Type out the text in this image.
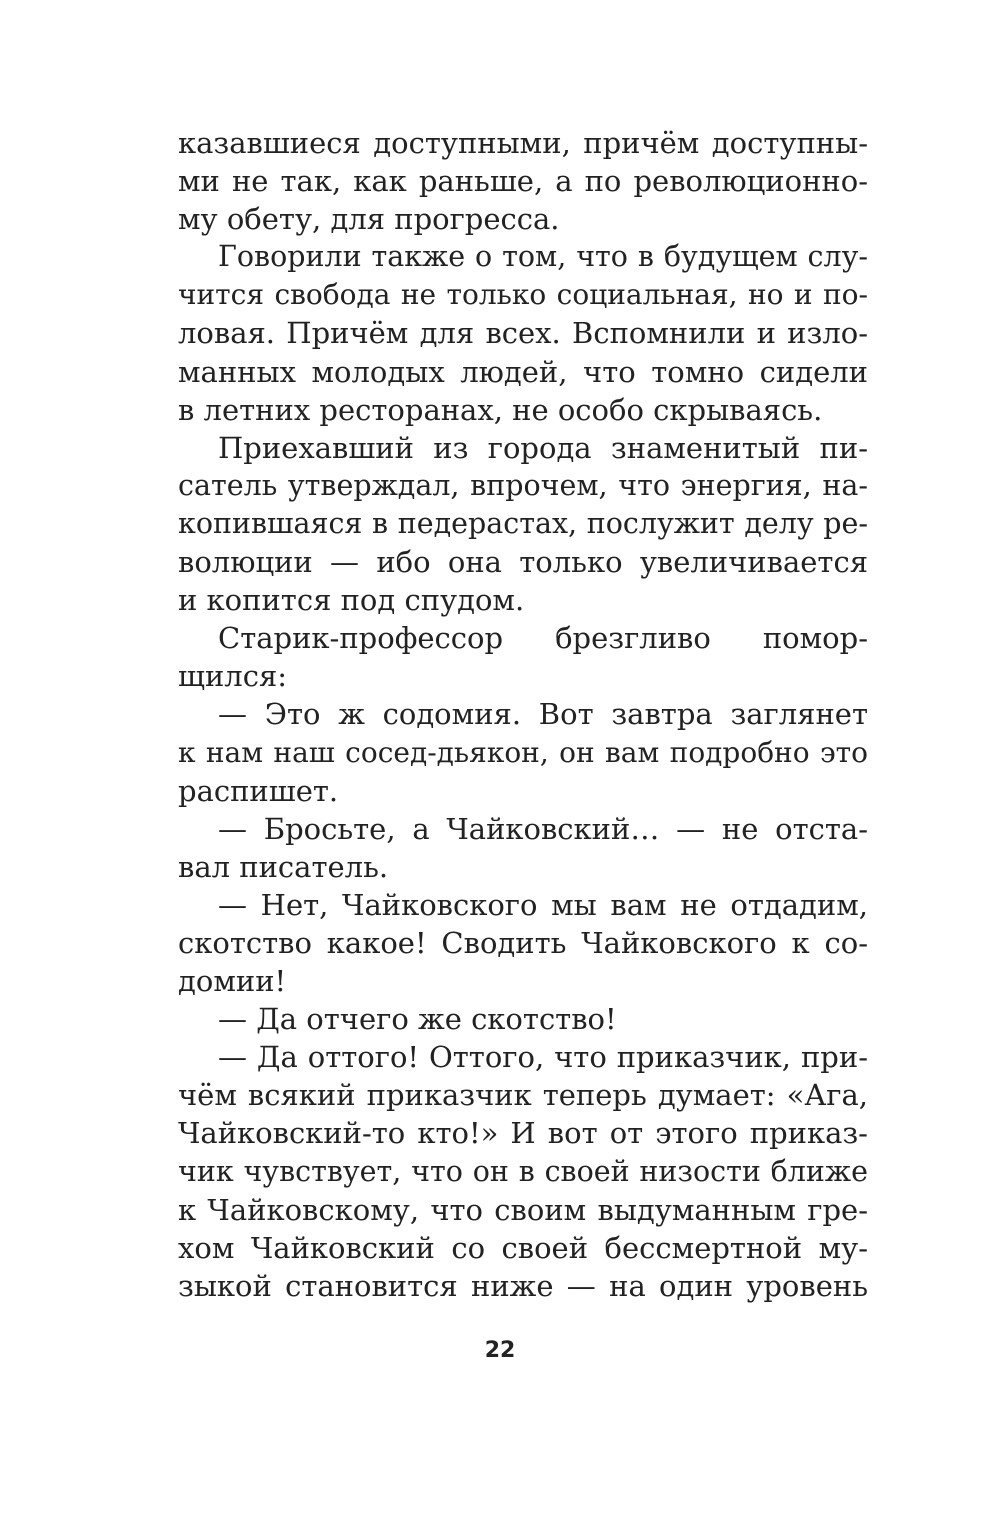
казавшиеся доступными, причём доступны-
ми не так, как раньше, а по революционно-
му обету, для прогресса.
Говорили также о том, что в будущем слу-
чится свобода не только социальная, но и по-
ловая. Причём для всех. Вспомнили и изло-
манных молодых людей, что томно сидели
в летних ресторанах, не особо скрываясь.
Приехавший из города знаменитый пи-
сатель утверждал, впрочем, что энергия, на-
копившаяся в педерастах, послужит делу ре-
волюции — ибо она только увеличивается
и копится под спудом.
Старик-профессор брезгливо помор-
щился:
— Это ж содомия. Вот завтра заглянет
к нам наш сосед-дьякон, он вам подробно это
распишет.
— Бросьте, а Чайковский… — не отста-
вал писатель.
— Нет, Чайковского мы вам не отдадим,
скотство какое! Сводить Чайковского к со-
домии!
— Да отчего же скотство!
— Да оттого! Оттого, что приказчик, при-
чём всякий приказчик теперь думает: «Ага,
Чайковский-то кто!» И вот от этого приказ-
чик чувствует, что он в своей низости ближе
к Чайковскому, что своим выдуманным гре-
хом Чайковский со своей бессмертной му-
зыкой становится ниже — на один уровень

22
